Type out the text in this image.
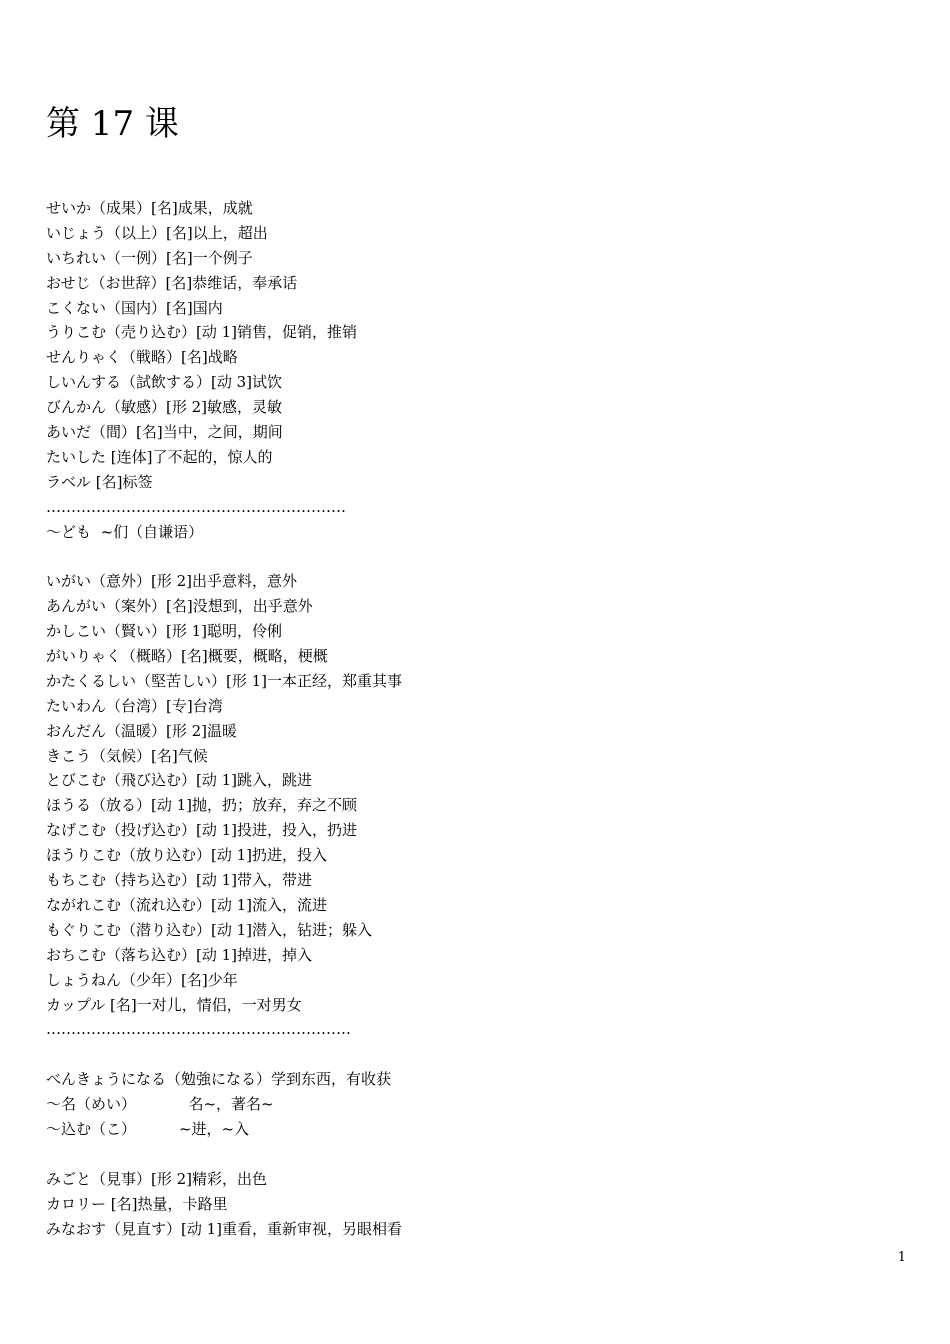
第 17 课
せいか（成果）[名]成果，成就
いじょう（以上）[名]以上，超出
いちれい（一例）[名]一个例子
おせじ（お世辞）[名]恭维话，奉承话
こくない（国内）[名]国内
うりこむ（売り込む）[动 1]销售，促销，推销
せんりゃく（戦略）[名]战略
しいんする（試飲する）[动 3]试饮
びんかん（敏感）[形 2]敏感，灵敏
あいだ（間）[名]当中，之间，期间
たいした [连体]了不起的，惊人的
ラベル [名]标签
……………………………………………………
～ども  ~们（自谦语）
いがい（意外）[形 2]出乎意料，意外
あんがい（案外）[名]没想到，出乎意外
かしこい（賢い）[形 1]聪明，伶俐
がいりゃく（概略）[名]概要，概略，梗概
かたくるしい（堅苦しい）[形 1]一本正经，郑重其事
たいわん（台湾）[专]台湾
おんだん（温暖）[形 2]温暖
きこう（気候）[名]气候
とびこむ（飛び込む）[动 1]跳入，跳进
ほうる（放る）[动 1]抛，扔；放弃，弃之不顾
なげこむ（投げ込む）[动 1]投进，投入，扔进
ほうりこむ（放り込む）[动 1]扔进，投入
もちこむ（持ち込む）[动 1]带入，带进
ながれこむ（流れ込む）[动 1]流入，流进
もぐりこむ（潜り込む）[动 1]潜入，钻进；躲入
おちこむ（落ち込む）[动 1]掉进，掉入
しょうねん（少年）[名]少年
カップル [名]一对儿，情侣，一对男女
…………………………………………………….
べんきょうになる（勉強になる）学到东西，有收获
～名（めい）           名~，著名~
～込む（こ）         ~进，~入
みごと（見事）[形 2]精彩，出色
カロリー [名]热量，卡路里
みなおす（見直す）[动 1]重看，重新审视，另眼相看
1
